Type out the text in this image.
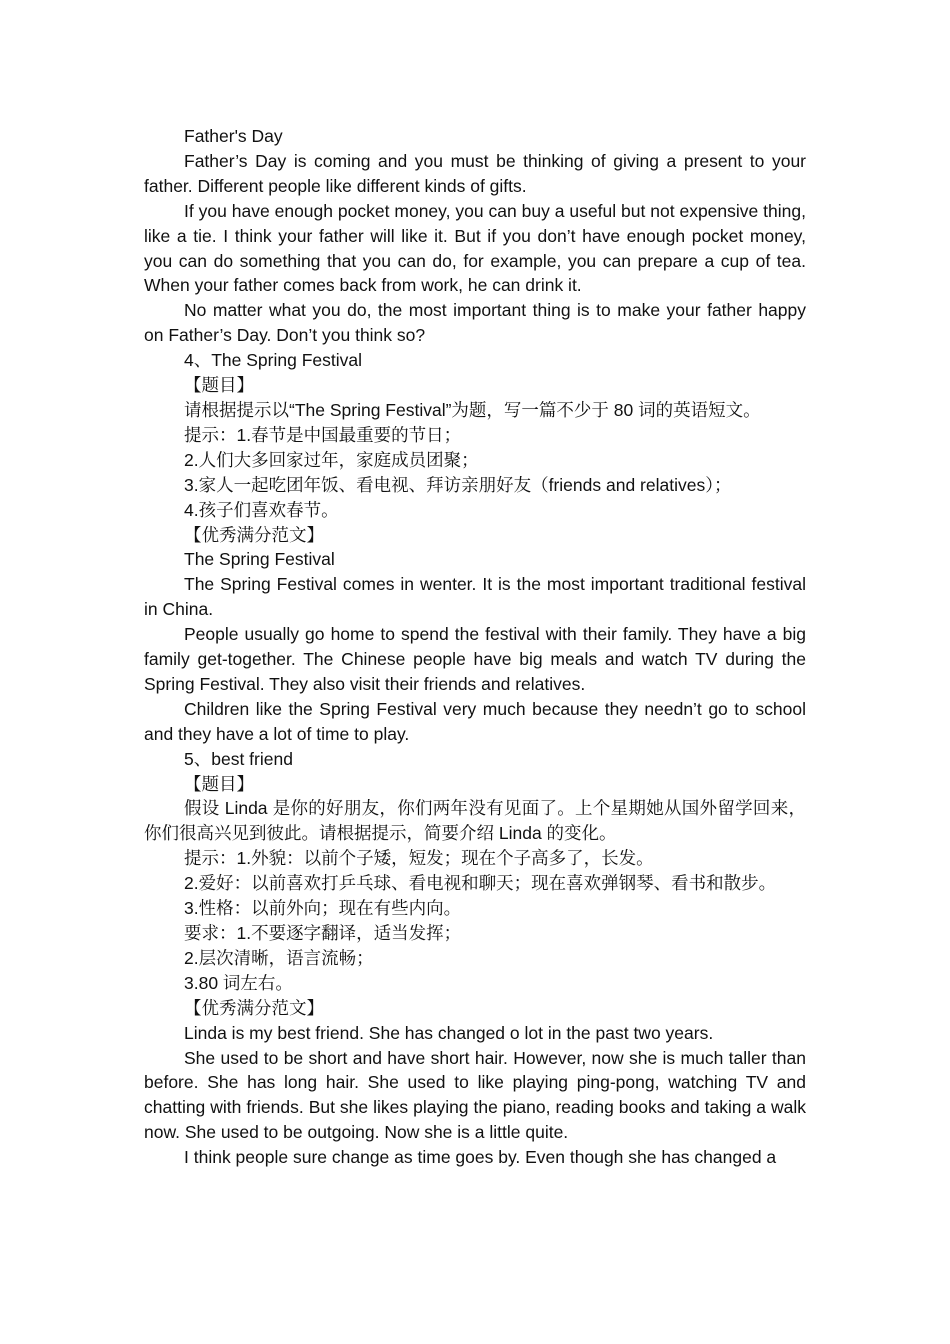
Father's Day

Father’s Day is coming and you must be thinking of giving a present to your father. Different people like different kinds of gifts.

If you have enough pocket money, you can buy a useful but not expensive thing, like a tie. I think your father will like it. But if you don’t have enough pocket money, you can do something that you can do, for example, you can prepare a cup of tea. When your father comes back from work, he can drink it.

No matter what you do, the most important thing is to make your father happy on Father’s Day. Don’t you think so?

4、The Spring Festival

【题目】

请根据提示以“The Spring Festival”为题，写一篇不少于 80 词的英语短文。

提示：1.春节是中国最重要的节日；

2.人们大多回家过年，家庭成员团聚；

3.家人一起吃团年饭、看电视、拜访亲朋好友（friends and relatives）；

4.孩子们喜欢春节。

【优秀满分范文】

The Spring Festival

The Spring Festival comes in wenter. It is the most important traditional festival in China.

People usually go home to spend the festival with their family. They have a big family get-together. The Chinese people have big meals and watch TV during the Spring Festival. They also visit their friends and relatives.

Children like the Spring Festival very much because they needn’t go to school and they have a lot of time to play.

5、best friend

【题目】

假设 Linda 是你的好朋友，你们两年没有见面了。上个星期她从国外留学回来，你们很高兴见到彼此。请根据提示，简要介绍 Linda 的变化。

提示：1.外貌：以前个子矮，短发；现在个子高多了，长发。

2.爱好：以前喜欢打乒乓球、看电视和聊天；现在喜欢弹钢琴、看书和散步。

3.性格：以前外向；现在有些内向。

要求：1.不要逐字翻译，适当发挥；

2.层次清晰，语言流畅；

3.80 词左右。

【优秀满分范文】

Linda is my best friend. She has changed o lot in the past two years.

She used to be short and have short hair. However, now she is much taller than before. She has long hair. She used to like playing ping-pong, watching TV and chatting with friends. But she likes playing the piano, reading books and taking a walk now. She used to be outgoing. Now she is a little quite.

I think people sure change as time goes by. Even though she has changed a
